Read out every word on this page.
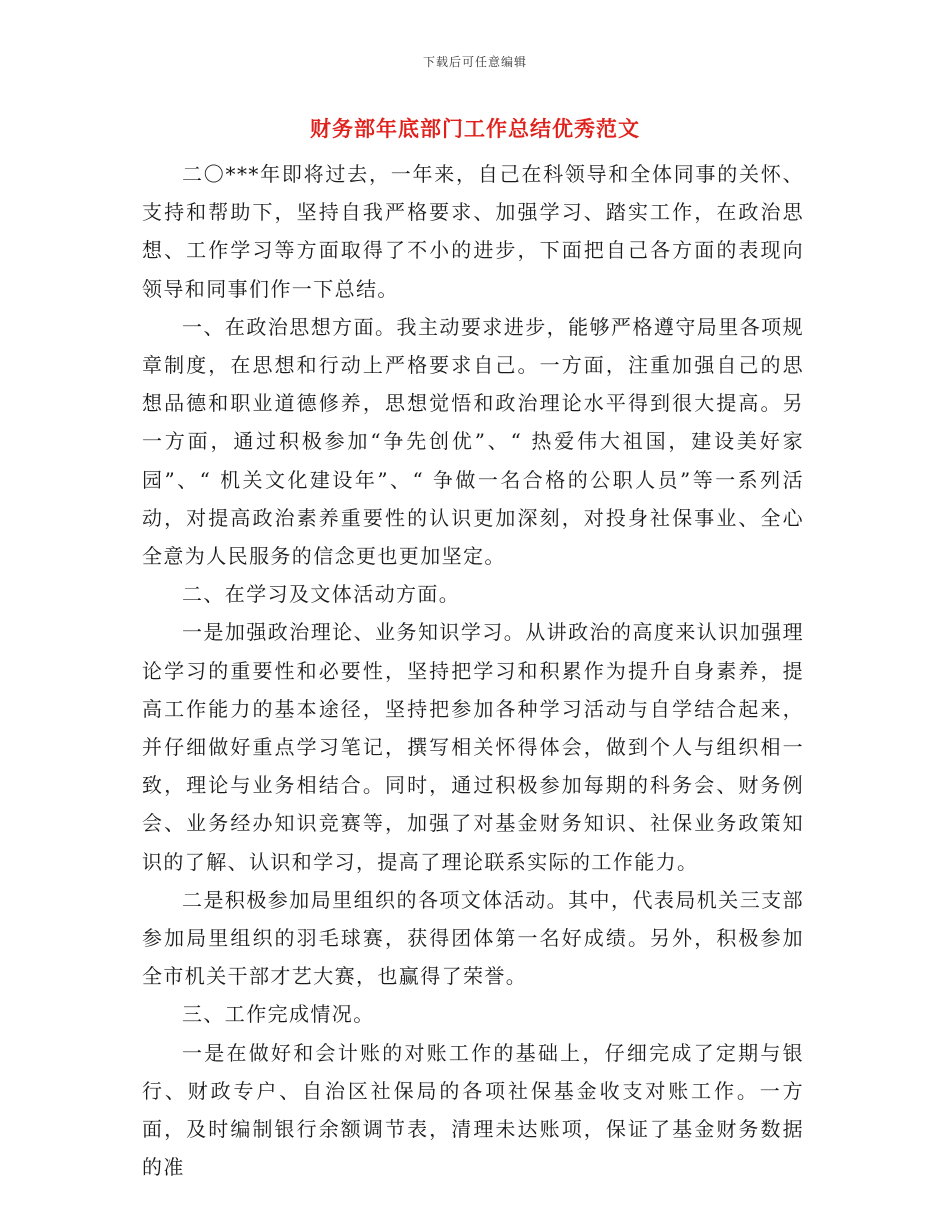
下载后可任意编辑
财务部年底部门工作总结优秀范文

二〇***年即将过去，一年来，自己在科领导和全体同事的关怀、支持和帮助下，坚持自我严格要求、加强学习、踏实工作，在政治思想、工作学习等方面取得了不小的进步，下面把自己各方面的表现向领导和同事们作一下总结。

一、在政治思想方面。我主动要求进步，能够严格遵守局里各项规章制度，在思想和行动上严格要求自己。一方面，注重加强自己的思想品德和职业道德修养，思想觉悟和政治理论水平得到很大提高。另一方面，通过积极参加“争先创优”、“ 热爱伟大祖国，建设美好家园”、“ 机关文化建设年”、“ 争做一名合格的公职人员”等一系列活动，对提高政治素养重要性的认识更加深刻，对投身社保事业、全心全意为人民服务的信念更也更加坚定。

二、在学习及文体活动方面。

一是加强政治理论、业务知识学习。从讲政治的高度来认识加强理论学习的重要性和必要性，坚持把学习和积累作为提升自身素养，提高工作能力的基本途径，坚持把参加各种学习活动与自学结合起来，并仔细做好重点学习笔记，撰写相关怀得体会，做到个人与组织相一致，理论与业务相结合。同时，通过积极参加每期的科务会、财务例会、业务经办知识竞赛等，加强了对基金财务知识、社保业务政策知识的了解、认识和学习，提高了理论联系实际的工作能力。

二是积极参加局里组织的各项文体活动。其中，代表局机关三支部参加局里组织的羽毛球赛，获得团体第一名好成绩。另外，积极参加全市机关干部才艺大赛，也赢得了荣誉。

三、工作完成情况。

一是在做好和会计账的对账工作的基础上，仔细完成了定期与银行、财政专户、自治区社保局的各项社保基金收支对账工作。一方面，及时编制银行余额调节表，清理未达账项，保证了基金财务数据的准
